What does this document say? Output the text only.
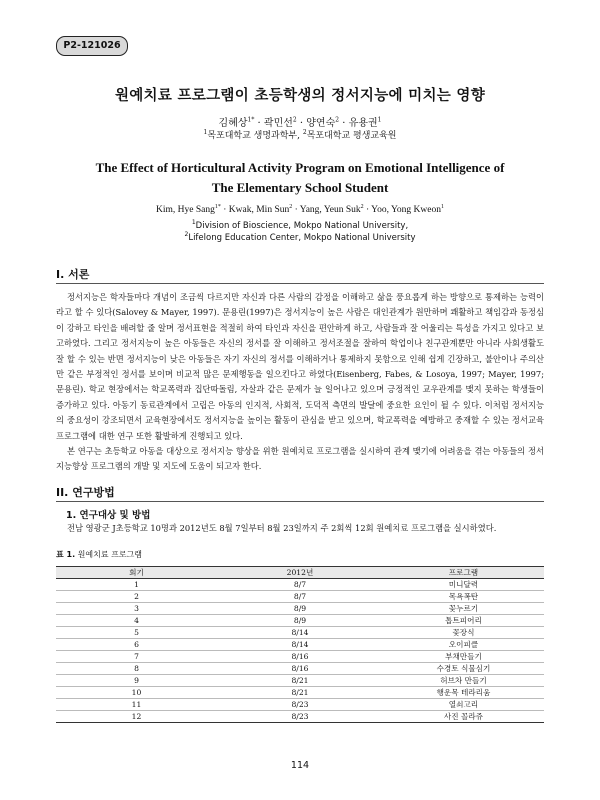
P2-121026
원예치료 프로그램이 초등학생의 정서지능에 미치는 영향
김혜상$^{1*}$ · 곽민선$^2$ · 양연숙$^2$ · 유용권$^1$
$^1$목포대학교 생명과학부, $^2$목포대학교 평생교육원
The Effect of Horticultural Activity Program on Emotional Intelligence of
The Elementary School Student
Kim, Hye Sang$^{1*}$ · Kwak, Min Sun$^2$ · Yang, Yeun Suk$^2$ · Yoo, Yong Kweon$^1$
$^1$Division of Bioscience, Mokpo National University,
$^2$Lifelong Education Center, Mokpo National University
I. 서론

정서지능은 학자들마다 개념이 조금씩 다르지만 자신과 다른 사람의 감정을 이해하고 삶을 풍요롭게 하는 방향으로 통제하는 능력이라고 할 수 있다(Salovey & Mayer, 1997). 문용린(1997)은 정서지능이 높은 사람은 대인관계가 원만하며 쾌활하고 책임감과 동정심이 강하고 타인을 배려할 줄 알며 정서표현을 적절히 하여 타인과 자신을 편안하게 하고, 사람들과 잘 어울리는 특성을 가지고 있다고 보고하였다. 그리고 정서지능이 높은 아동들은 자신의 정서를 잘 이해하고 정서조절을 잘하여 학업이나 친구관계뿐만 아니라 사회생활도 잘 할 수 있는 반면 정서지능이 낮은 아동들은 자기 자신의 정서를 이해하거나 통제하지 못함으로 인해 쉽게 긴장하고, 불안이나 주의산만 같은 부정적인 정서를 보이며 비교적 많은 문제행동을 일으킨다고 하였다(Eisenberg, Fabes, & Losoya, 1997; Mayer, 1997; 문용린). 학교 현장에서는 학교폭력과 집단따돌림, 자살과 같은 문제가 늘 일어나고 있으며 긍정적인 교우관계를 맺지 못하는 학생들이증가하고 있다. 아동기 동료관계에서 고립은 아동의 인지적, 사회적, 도덕적 측면의 발달에 중요한 요인이 될 수 있다. 이처럼 정서지능의 중요성이 강조되면서 교육현장에서도 정서지능을 높이는 활동이 관심을 받고 있으며, 학교폭력을 예방하고 중재할 수 있는 정서교육프로그램에 대한 연구 또한 활발하게 진행되고 있다.

본 연구는 초등학교 아동을 대상으로 정서지능 향상을 위한 원예치료 프로그램을 실시하여 관계 맺기에 어려움을 겪는 아동들의 정서지능향상 프로그램의 개발 및 지도에 도움이 되고자 한다.

II. 연구방법
1. 연구대상 및 방법

전남 영광군 J초등학교 10명과 2012년도 8월 7일부터 8월 23일까지 주 2회씩 12회 원예치료 프로그램을 실시하였다.

표 1. 원예치료 프로그램
회기	2012년	프로그램
1	8/7	미니달력
2	8/7	목욕폭탄
3	8/9	꽃누르기
4	8/9	톱트피어리
5	8/14	꽃장식
6	8/14	오이피클
7	8/16	부채만들기
8	8/16	수경토 식물심기
9	8/21	허브차 만들기
10	8/21	행운목 테라리움
11	8/23	열쇠고리
12	8/23	사진 꼴라쥬
114
